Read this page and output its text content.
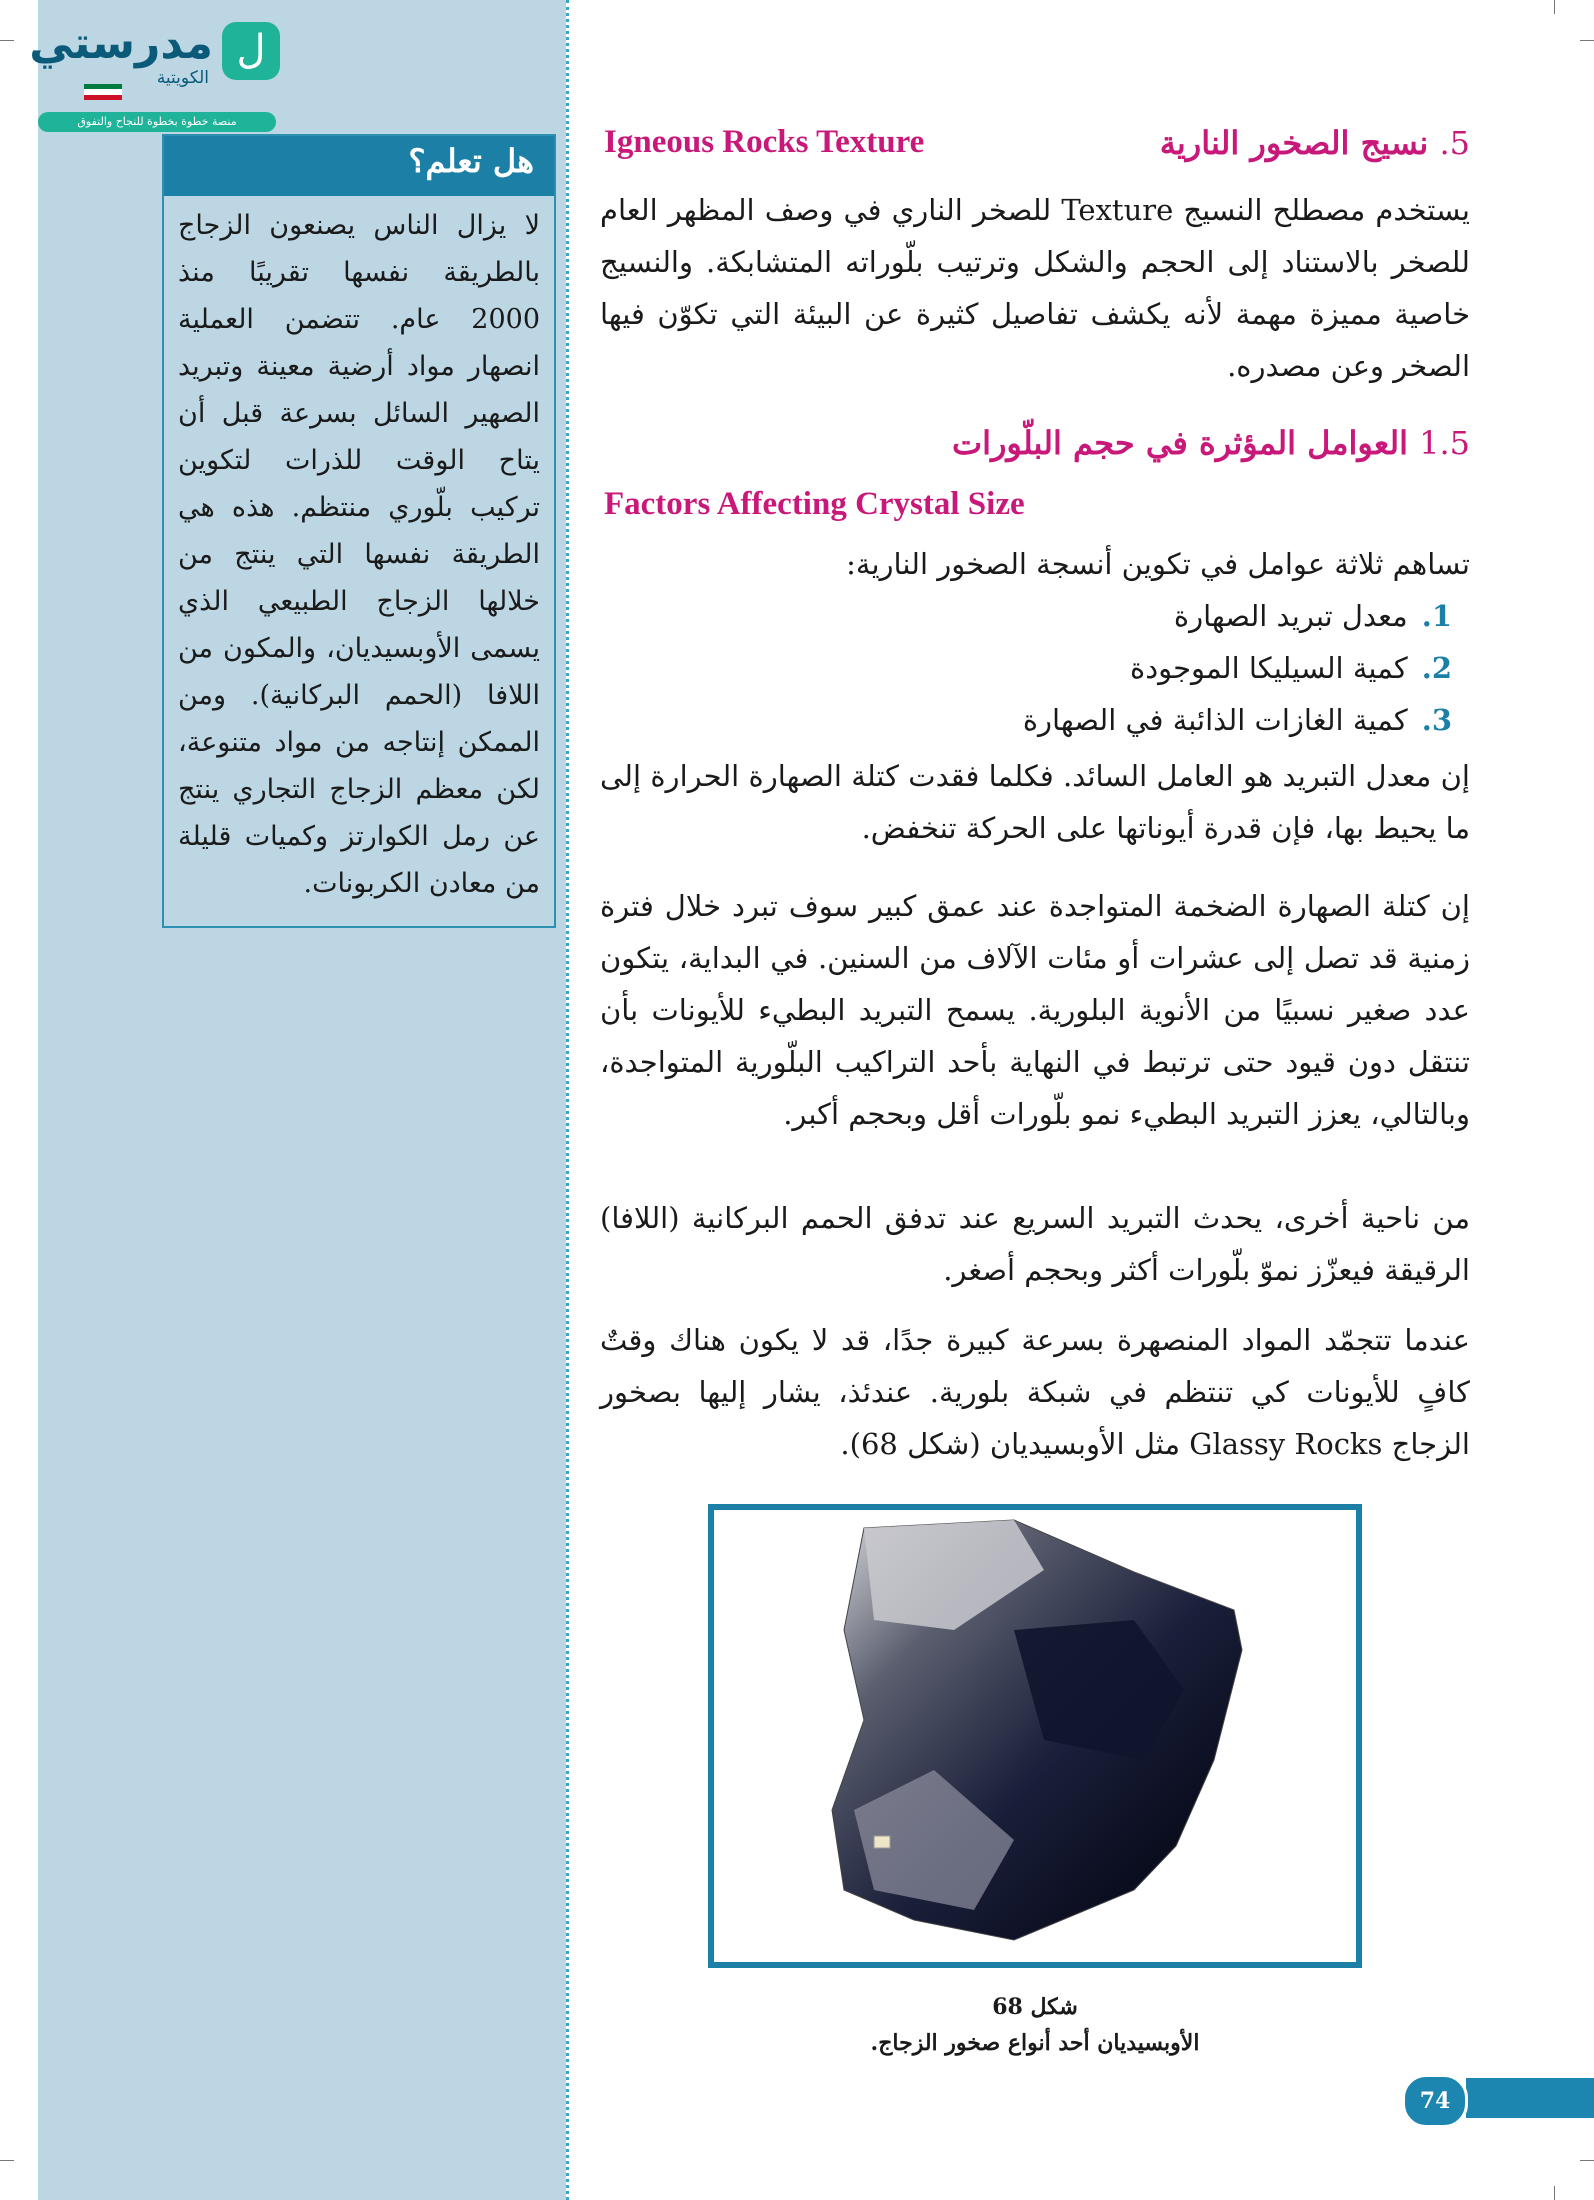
ل
مدرستي
الكويتية
منصة خطوة بخطوة للنجاح والتفوق
هل تعلم؟
لا يزال الناس يصنعون الزجاج بالطريقة نفسها تقريبًا منذ 2000 عام. تتضمن العملية انصهار مواد أرضية معينة وتبريد الصهير السائل بسرعة قبل أن يتاح الوقت للذرات لتكوين تركيب بلّوري منتظم. هذه هي الطريقة نفسها التي ينتج من خلالها الزجاج الطبيعي الذي يسمى الأوبسيديان، والمكون من اللافا (الحمم البركانية). ومن الممكن إنتاجه من مواد متنوعة، لكن معظم الزجاج التجاري ينتج عن رمل الكوارتز وكميات قليلة من معادن الكربونات.
5. نسيج الصخور النارية
Igneous Rocks Texture
يستخدم مصطلح النسيج Texture للصخر الناري في وصف المظهر العام للصخر بالاستناد إلى الحجم والشكل وترتيب بلّوراته المتشابكة. والنسيج خاصية مميزة مهمة لأنه يكشف تفاصيل كثيرة عن البيئة التي تكوّن فيها الصخر وعن مصدره.
1.5 العوامل المؤثرة في حجم البلّورات
Factors Affecting Crystal Size
تساهم ثلاثة عوامل في تكوين أنسجة الصخور النارية:
1.معدل تبريد الصهارة
2.كمية السيليكا الموجودة
3.كمية الغازات الذائبة في الصهارة
إن معدل التبريد هو العامل السائد. فكلما فقدت كتلة الصهارة الحرارة إلى ما يحيط بها، فإن قدرة أيوناتها على الحركة تنخفض.
إن كتلة الصهارة الضخمة المتواجدة عند عمق كبير سوف تبرد خلال فترة زمنية قد تصل إلى عشرات أو مئات الآلاف من السنين. في البداية، يتكون عدد صغير نسبيًا من الأنوية البلورية. يسمح التبريد البطيء للأيونات بأن تنتقل دون قيود حتى ترتبط في النهاية بأحد التراكيب البلّورية المتواجدة، وبالتالي، يعزز التبريد البطيء نمو بلّورات أقل وبحجم أكبر.
من ناحية أخرى، يحدث التبريد السريع عند تدفق الحمم البركانية (اللافا) الرقيقة فيعزّز نموّ بلّورات أكثر وبحجم أصغر.
عندما تتجمّد المواد المنصهرة بسرعة كبيرة جدًا، قد لا يكون هناك وقتٌ كافٍ للأيونات كي تنتظم في شبكة بلورية. عندئذ، يشار إليها بصخور الزجاج Glassy Rocks مثل الأوبسيديان (شكل 68).
شكل 68
الأوبسيديان أحد أنواع صخور الزجاج.
74
